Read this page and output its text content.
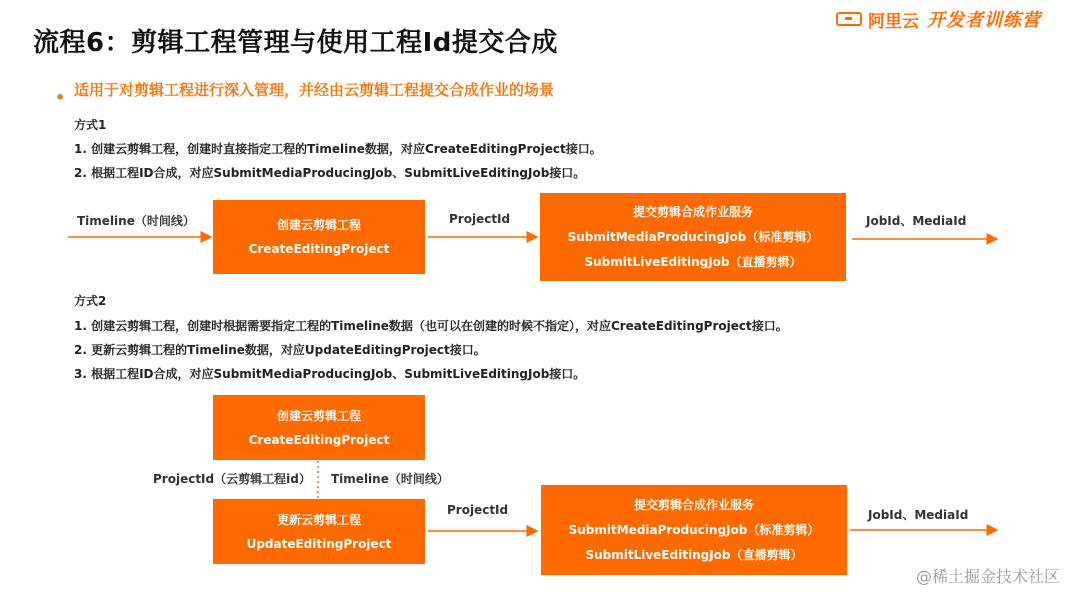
流程6：剪辑工程管理与使用工程Id提交合成
阿里云 开发者训练营
• 适用于对剪辑工程进行深入管理，并经由云剪辑工程提交合成作业的场景
方式1
1. 创建云剪辑工程，创建时直接指定工程的Timeline数据，对应CreateEditingProject接口。
2. 根据工程ID合成，对应SubmitMediaProducingJob、SubmitLiveEditingJob接口。
Timeline（时间线）	创建云剪辑工程
CreateEditingProject
ProjectId
提交剪辑合成作业服务
SubmitMediaProducingJob（标准剪辑）
SubmitLiveEditingJob（直播剪辑）
JobId、MediaId
方式2
1. 创建云剪辑工程，创建时根据需要指定工程的Timeline数据（也可以在创建的时候不指定），对应CreateEditingProject接口。
2. 更新云剪辑工程的Timeline数据，对应UpdateEditingProject接口。
3. 根据工程ID合成，对应SubmitMediaProducingJob、SubmitLiveEditingJob接口。
创建云剪辑工程
CreateEditingProject
ProjectId（云剪辑工程id） Timeline（时间线）
更新云剪辑工程
UpdateEditingProject
ProjectId	提交剪辑合成作业服务
SubmitMediaProducingJob（标准剪辑）
SubmitLiveEditingJob（直播剪辑）
JobId、MediaId
@稀土掘金技术社区
